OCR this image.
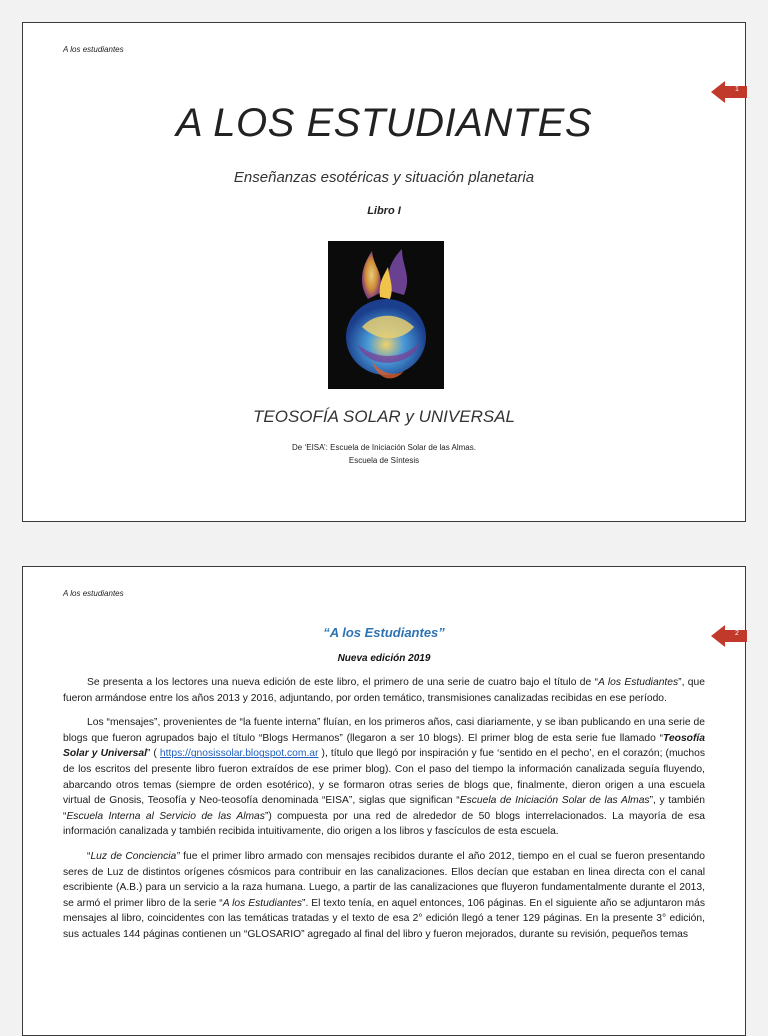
A los estudiantes
1
A LOS ESTUDIANTES
Enseñanzas esotéricas y situación planetaria
Libro I
TEOSOFÍA SOLAR y UNIVERSAL
De ‘EISA’: Escuela de Iniciación Solar de las Almas.
Escuela de Síntesis
A los estudiantes
2
“A los Estudiantes”
Nueva edición 2019

Se presenta a los lectores una nueva edición de este libro, el primero de una serie de cuatro bajo el título de “A los Estudiantes”, que fueron armándose entre los años 2013 y 2016, adjuntando, por orden temático, transmisiones canalizadas recibidas en ese período.

Los “mensajes”, provenientes de “la fuente interna” fluían, en los primeros años, casi diariamente, y se iban publicando en una serie de blogs que fueron agrupados bajo el título “Blogs Hermanos” (llegaron a ser 10 blogs). El primer blog de esta serie fue llamado “Teosofía Solar y Universal” ( https://gnosissolar.blogspot.com.ar ), título que llegó por inspiración y fue ‘sentido en el pecho’, en el corazón; (muchos de los escritos del presente libro fueron extraídos de ese primer blog). Con el paso del tiempo la información canalizada seguía fluyendo, abarcando otros temas (siempre de orden esotérico), y se formaron otras series de blogs que, finalmente, dieron origen a una escuela virtual de Gnosis, Teosofía y Neo-teosofía denominada “EISA”, siglas que significan “Escuela de Iniciación Solar de las Almas”, y también “Escuela Interna al Servicio de las Almas”) compuesta por una red de alrededor de 50 blogs interrelacionados. La mayoría de esa información canalizada y también recibida intuitivamente, dio origen a los libros y fascículos de esta escuela.

“Luz de Conciencia” fue el primer libro armado con mensajes recibidos durante el año 2012, tiempo en el cual se fueron presentando seres de Luz de distintos orígenes cósmicos para contribuir en las canalizaciones. Ellos decían que estaban en linea directa con el canal escribiente (A.B.) para un servicio a la raza humana. Luego, a partir de las canalizaciones que fluyeron fundamentalmente durante el 2013, se armó el primer libro de la serie “A los Estudiantes”. El texto tenía, en aquel entonces, 106 páginas. En el siguiente año se adjuntaron más mensajes al libro, coincidentes con las temáticas tratadas y el texto de esa 2° edición llegó a tener 129 páginas. En la presente 3° edición, sus actuales 144 páginas contienen un “GLOSARIO” agregado al final del libro y fueron mejorados, durante su revisión, pequeños temas
